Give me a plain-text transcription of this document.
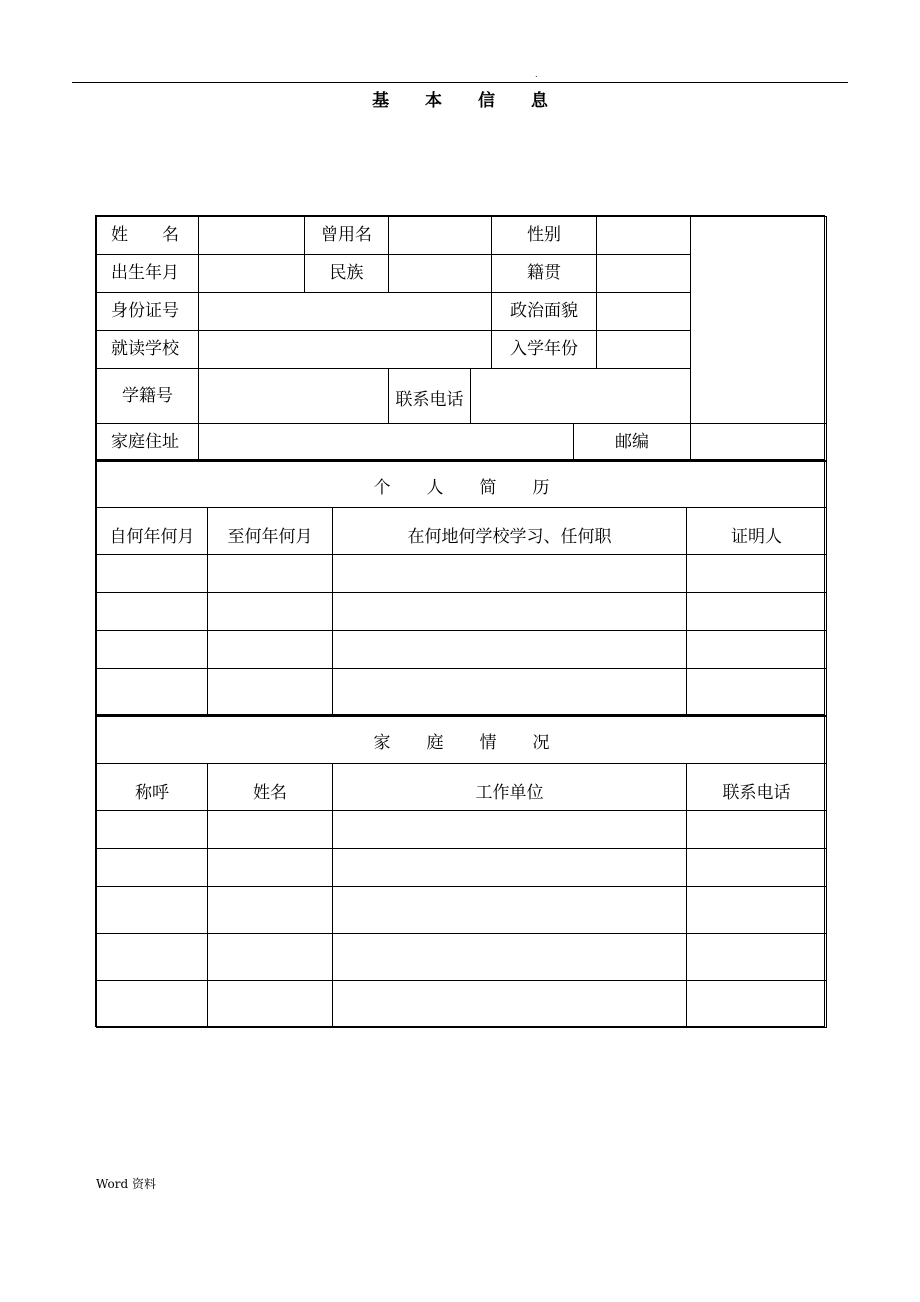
.
基 本 信 息
姓　　名		曾用名			性别			
出生年月		民族			籍贯			
身份证号					政治面貌			
就读学校					入学年份			
学籍号			联系电话					
家庭住址						邮编		
个人简历			
自何年何月	至何年何月	在何地何学校学习、任何职	证明人

家庭情况			
称呼	姓名	工作单位	联系电话

Word 资料
